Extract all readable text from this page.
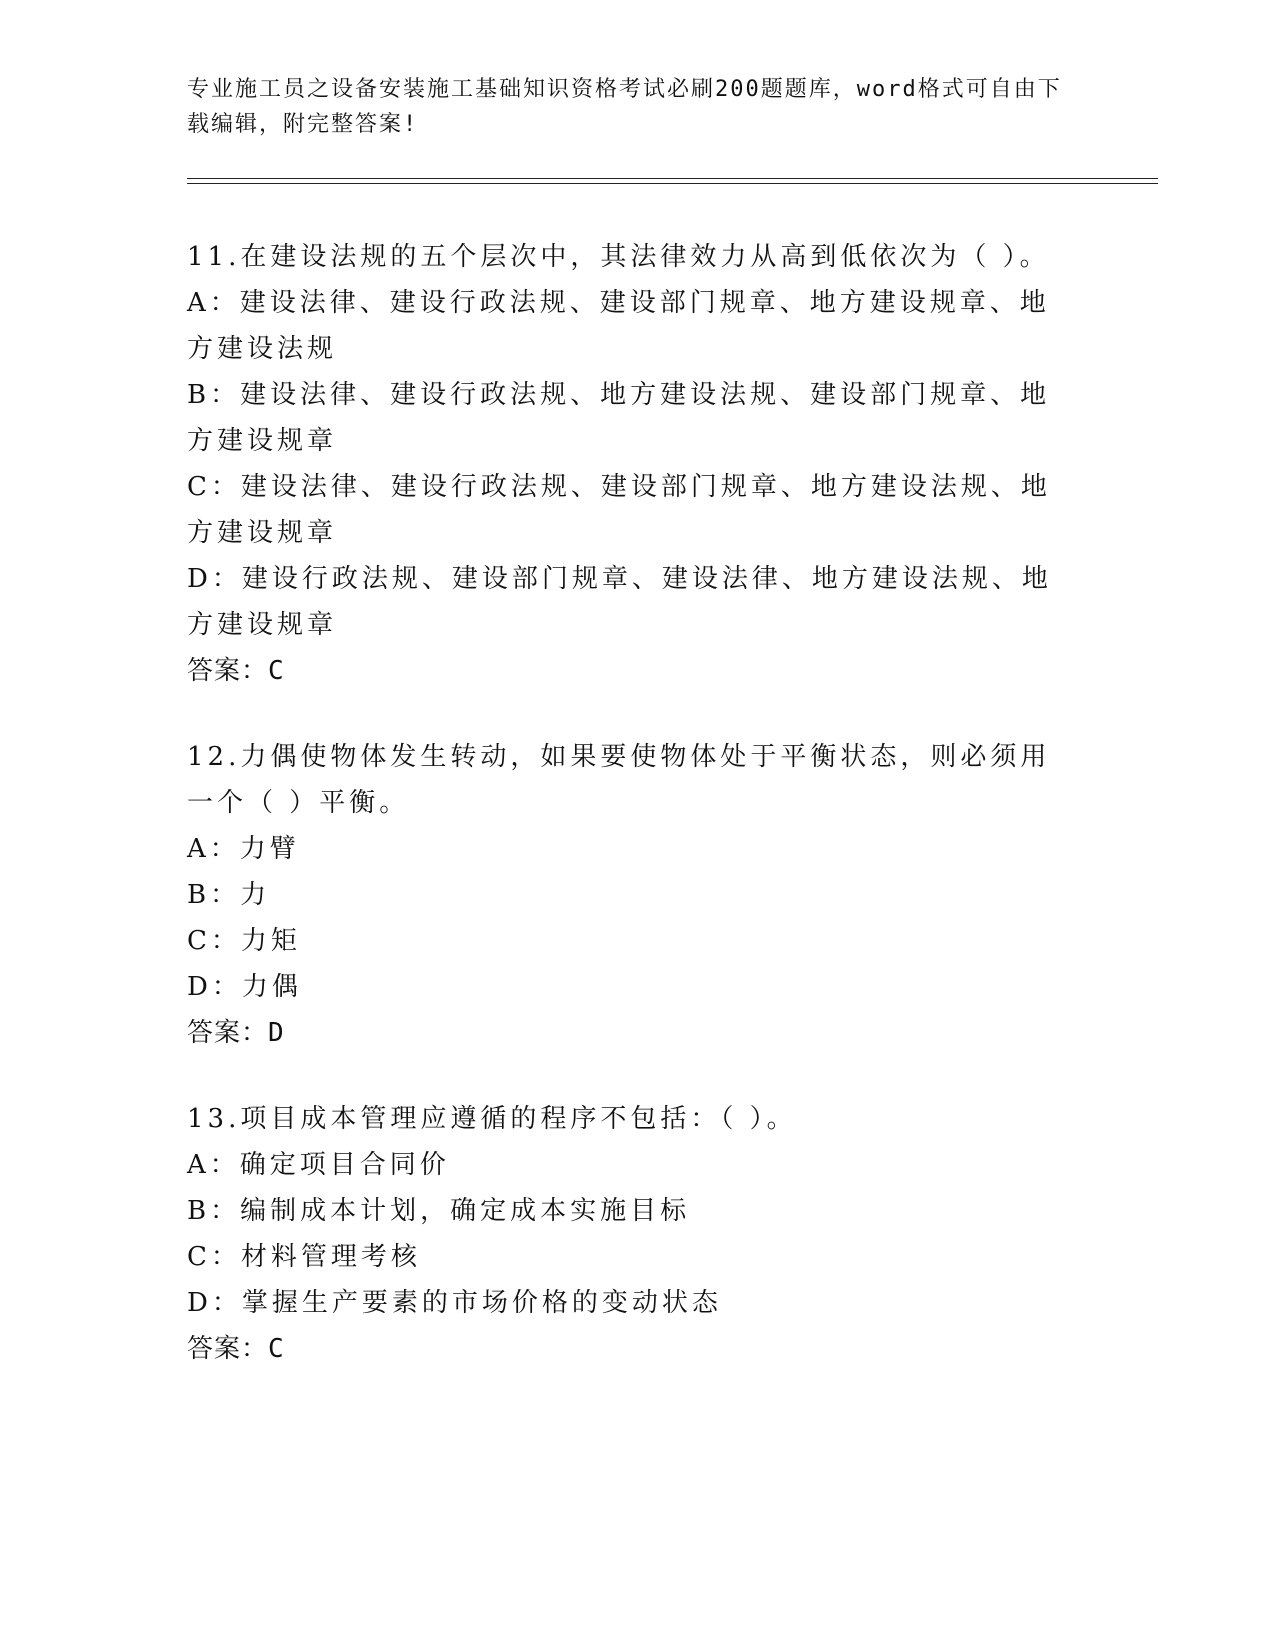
专业施工员之设备安装施工基础知识资格考试必刷200题题库，word格式可自由下载编辑，附完整答案!
11.在建设法规的五个层次中，其法律效力从高到低依次为（ ）。
A：建设法律、建设行政法规、建设部门规章、地方建设规章、地方建设法规
B：建设法律、建设行政法规、地方建设法规、建设部门规章、地方建设规章
C：建设法律、建设行政法规、建设部门规章、地方建设法规、地方建设规章
D：建设行政法规、建设部门规章、建设法律、地方建设法规、地方建设规章
答案：C
12.力偶使物体发生转动，如果要使物体处于平衡状态，则必须用一个（ ）平衡。
A：力臂
B：力
C：力矩
D：力偶
答案：D
13.项目成本管理应遵循的程序不包括：（ ）。
A：确定项目合同价
B：编制成本计划，确定成本实施目标
C：材料管理考核
D：掌握生产要素的市场价格的变动状态
答案：C
